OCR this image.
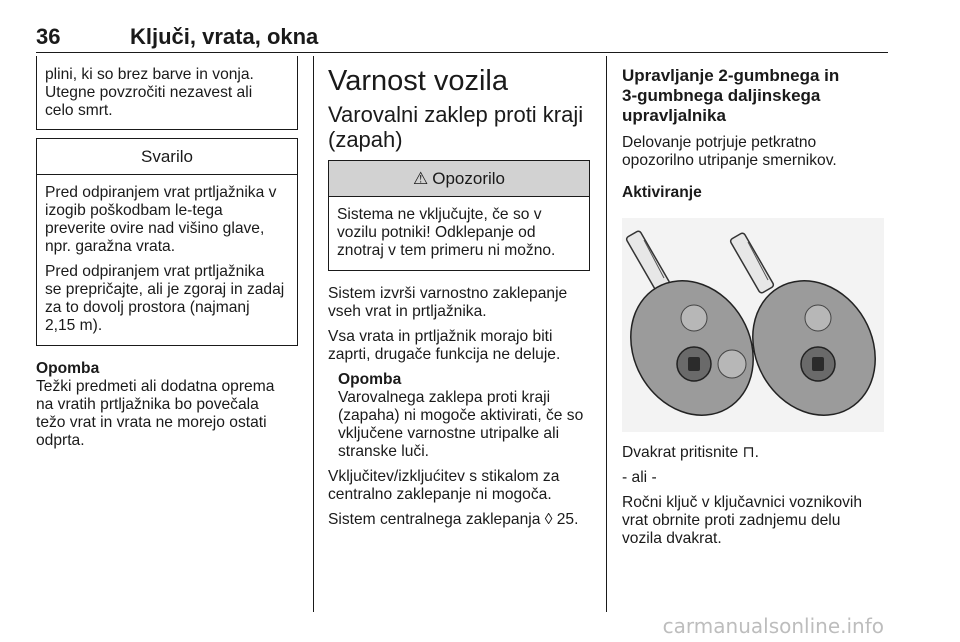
36	Ključi, vrata, okna

plini, ki so brez barve in vonja.

Utegne povzročiti nezavest ali

celo smrt.

Svarilo

Pred odpiranjem vrat prtljažnika v
izogib poškodbam le-tega
preverite ovire nad višino glave,
npr. garažna vrata.

Pred odpiranjem vrat prtljažnika
se prepričajte, ali je zgoraj in zadaj
za to dovolj prostora (najmanj
2,15 m).

Opomba

Težki predmeti ali dodatna oprema
na vratih prtljažnika bo povečala
težo vrat in vrata ne morejo ostati
odprta.

Varnost vozila
Varovalni zaklep proti kraji
(zapah)
⚠ Opozorilo

Sistema ne vključujte, če so v
vozilu potniki! Odklepanje od
znotraj v tem primeru ni možno.

Sistem izvrši varnostno zaklepanje
vseh vrat in prtljažnika.

Vsa vrata in prtljažnik morajo biti
zaprti, drugače funkcija ne deluje.

Opomba

Varovalnega zaklepa proti kraji
(zapaha) ni mogoče aktivirati, če so
vključene varnostne utripalke ali
stranske luči.

Vključitev/izkljućitev s stikalom za
centralno zaklepanje ni mogoča.

Sistem centralnega zaklepanja ◊ 25.

Upravljanje 2-gumbnega in
3-gumbnega daljinskega
upravljalnika

Delovanje potrjuje petkratno
opozorilno utripanje smernikov.

Aktiviranje

Dvakrat pritisnite ⊓.

- ali -

Ročni ključ v ključavnici voznikovih
vrat obrnite proti zadnjemu delu
vozila dvakrat.

carmanualsonline.info
